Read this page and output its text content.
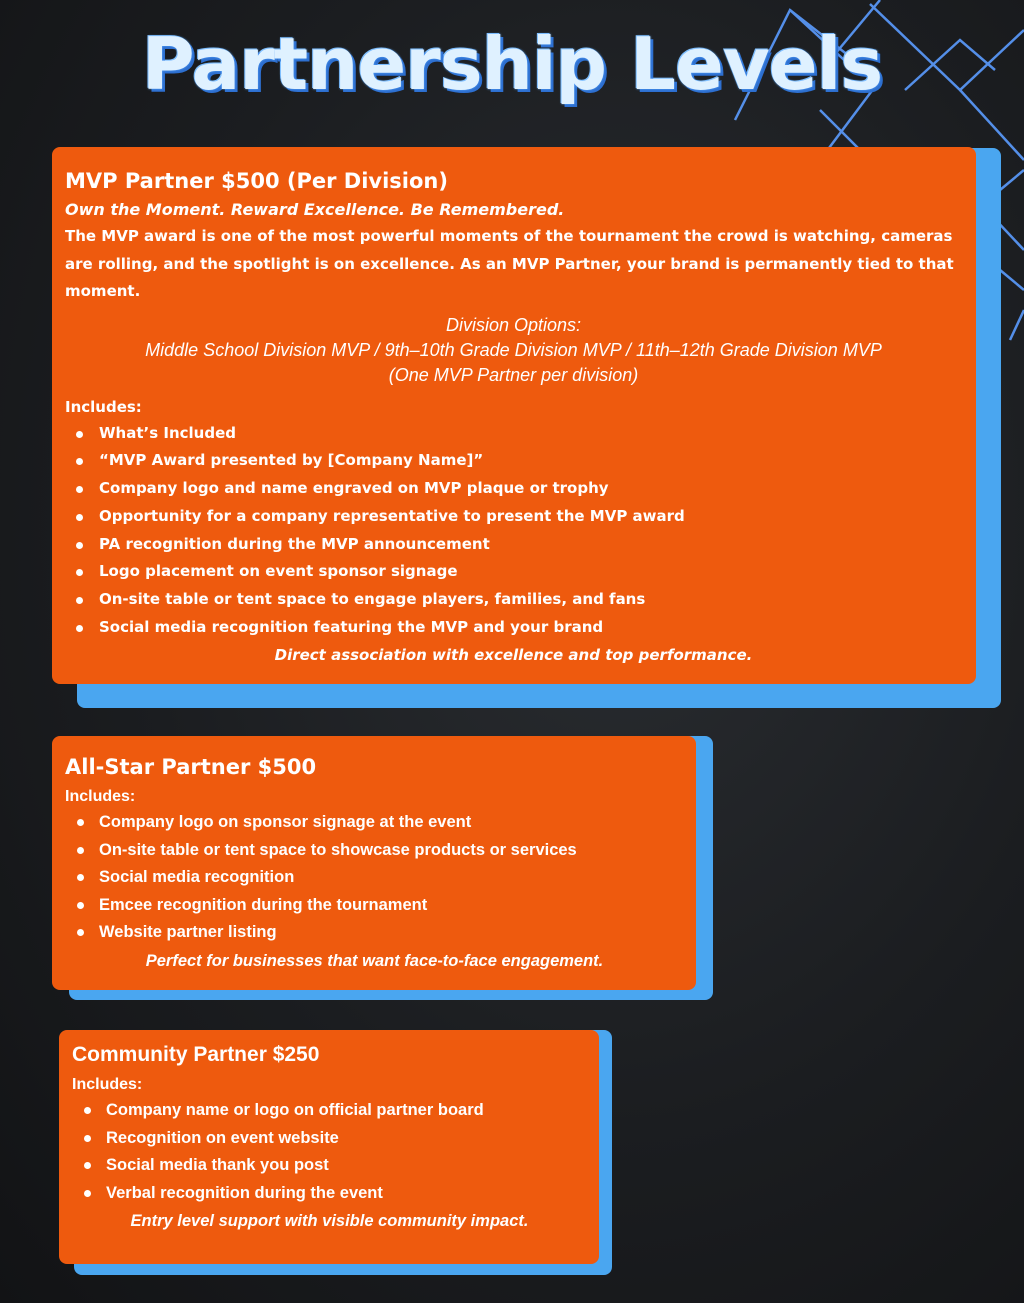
Partnership Levels
MVP Partner $500 (Per Division)
Own the Moment. Reward Excellence. Be Remembered.
The MVP award is one of the most powerful moments of the tournament the crowd is watching, cameras are rolling, and the spotlight is on excellence. As an MVP Partner, your brand is permanently tied to that moment.
Division Options:
Middle School Division MVP / 9th–10th Grade Division MVP / 11th–12th Grade Division MVP
(One MVP Partner per division)
Includes:
What’s Included
“MVP Award presented by [Company Name]”
Company logo and name engraved on MVP plaque or trophy
Opportunity for a company representative to present the MVP award
PA recognition during the MVP announcement
Logo placement on event sponsor signage
On-site table or tent space to engage players, families, and fans
Social media recognition featuring the MVP and your brand
Direct association with excellence and top performance.
All-Star Partner $500
Includes:
Company logo on sponsor signage at the event
On-site table or tent space to showcase products or services
Social media recognition
Emcee recognition during the tournament
Website partner listing
Perfect for businesses that want face-to-face engagement.
Community Partner $250
Includes:
Company name or logo on official partner board
Recognition on event website
Social media thank you post
Verbal recognition during the event
Entry level support with visible community impact.
